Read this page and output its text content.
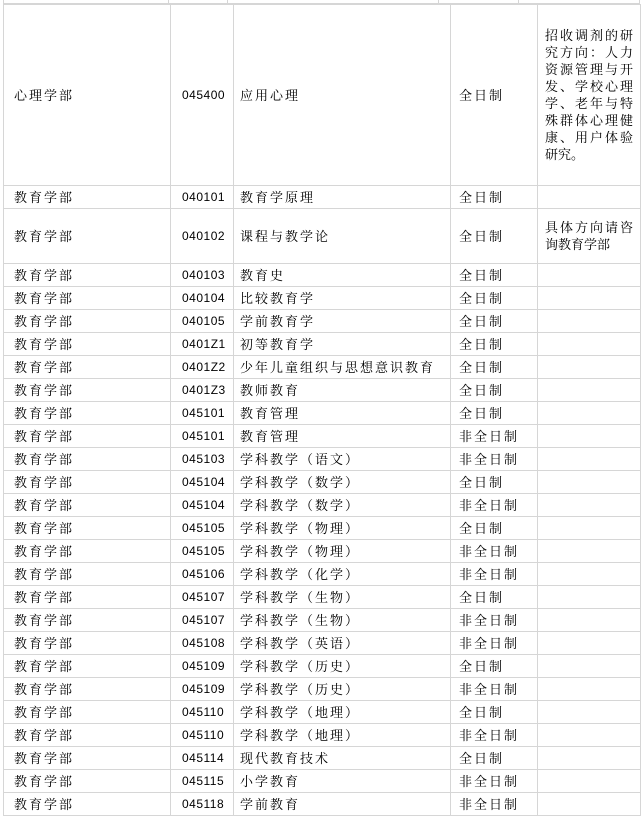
心理学部	045400	应用心理	全日制	招收调剂的研究方向：人力资源管理与开发、学校心理学、老年与特殊群体心理健康、用户体验研究。
教育学部	040101	教育学原理	全日制	
教育学部	040102	课程与教学论	全日制	具体方向请咨询教育学部
教育学部	040103	教育史	全日制	
教育学部	040104	比较教育学	全日制	
教育学部	040105	学前教育学	全日制	
教育学部	0401Z1	初等教育学	全日制	
教育学部	0401Z2	少年儿童组织与思想意识教育	全日制	
教育学部	0401Z3	教师教育	全日制	
教育学部	045101	教育管理	全日制	
教育学部	045101	教育管理	非全日制	
教育学部	045103	学科教学（语文）	非全日制	
教育学部	045104	学科教学（数学）	全日制	
教育学部	045104	学科教学（数学）	非全日制	
教育学部	045105	学科教学（物理）	全日制	
教育学部	045105	学科教学（物理）	非全日制	
教育学部	045106	学科教学（化学）	非全日制	
教育学部	045107	学科教学（生物）	全日制	
教育学部	045107	学科教学（生物）	非全日制	
教育学部	045108	学科教学（英语）	非全日制	
教育学部	045109	学科教学（历史）	全日制	
教育学部	045109	学科教学（历史）	非全日制	
教育学部	045110	学科教学（地理）	全日制	
教育学部	045110	学科教学（地理）	非全日制	
教育学部	045114	现代教育技术	全日制	
教育学部	045115	小学教育	非全日制	
教育学部	045118	学前教育	非全日制	
